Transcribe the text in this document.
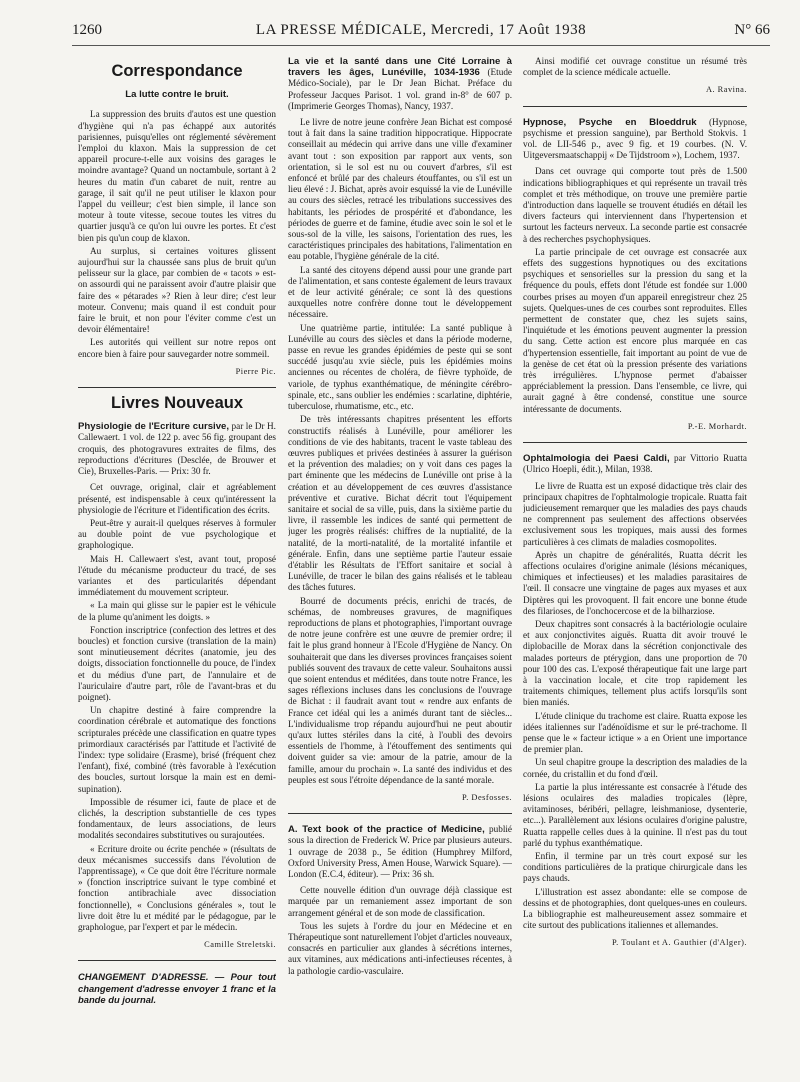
1260	LA PRESSE MÉDICALE, Mercredi, 17 Août 1938	N° 66
Correspondance
La lutte contre le bruit.

La suppression des bruits d'autos est une question d'hygiène qui n'a pas échappé aux autorités parisiennes, puisqu'elles ont réglementé sévèrement l'emploi du klaxon. Mais la suppression de cet appareil procure-t-elle aux voisins des garages le moindre avantage? Quand un noctambule, sortant à 2 heures du matin d'un cabaret de nuit, rentre au garage, il sait qu'il ne peut utiliser le klaxon pour l'appel du veilleur; c'est bien simple, il lance son moteur à toute vitesse, secoue toutes les vitres du quartier jusqu'à ce qu'on lui ouvre les portes. Et c'est bien pis qu'un coup de klaxon.

Au surplus, si certaines voitures glissent aujourd'hui sur la chaussée sans plus de bruit qu'un pelisseur sur la glace, par combien de « tacots » est-on assourdi qui ne paraissent avoir d'autre plaisir que faire des « pétarades »? Rien à leur dire; c'est leur moteur. Convenu; mais quand il est conduit pour faire le bruit, et non pour l'éviter comme c'est un devoir élémentaire!

Les autorités qui veillent sur notre repos ont encore bien à faire pour sauvegarder notre sommeil.

Pierre Pic.

Livres Nouveaux

Physiologie de l'Ecriture cursive, par le Dr H. Callewaert. 1 vol. de 122 p. avec 56 fig. groupant des croquis, des photogravures extraites de films, des reproductions d'écritures (Desclée, de Brouwer et Cie), Bruxelles-Paris. — Prix: 30 fr.

Cet ouvrage, original, clair et agréablement présenté, est indispensable à ceux qu'intéressent la physiologie de l'écriture et l'identification des écrits.

Peut-être y aurait-il quelques réserves à formuler au double point de vue psychologique et graphologique.

Mais H. Callewaert s'est, avant tout, proposé l'étude du mécanisme producteur du tracé, de ses variantes et des particularités dépendant immédiatement du mouvement scripteur.

« La main qui glisse sur le papier est le véhicule de la plume qu'animent les doigts. »

Fonction inscriptrice (confection des lettres et des boucles) et fonction cursive (translation de la main) sont minutieusement décrites (anatomie, jeu des doigts, dissociation fonctionnelle du pouce, de l'index et du médius d'une part, de l'annulaire et de l'auriculaire d'autre part, rôle de l'avant-bras et du poignet).

Un chapitre destiné à faire comprendre la coordination cérébrale et automatique des fonctions scripturales précède une classification en quatre types primordiaux caractérisés par l'attitude et l'activité de l'index: type solidaire (Erasme), brisé (fréquent chez l'enfant), fixé, combiné (très favorable à l'exécution des boucles, surtout lorsque la main est en demi-supination).

Impossible de résumer ici, faute de place et de clichés, la description substantielle de ces types fondamentaux, de leurs associations, de leurs modalités secondaires substitutives ou surajoutées.

« Ecriture droite ou écrite penchée » (résultats de deux mécanismes successifs dans l'évolution de l'apprentissage), « Ce que doit être l'écriture normale » (fonction inscriptrice suivant le type combiné et fonction antibrachiale avec dissociation fonctionnelle), « Conclusions générales », tout le livre doit être lu et médité par le pédagogue, par le graphologue, par l'expert et par le médecin.

Camille Streletski.

CHANGEMENT D'ADRESSE. — Pour tout changement d'adresse envoyer 1 franc et la bande du journal.

La vie et la santé dans une Cité Lorraine à travers les âges, Lunéville, 1034-1936 (Etude Médico-Sociale), par le Dr Jean Bichat. Préface du Professeur Jacques Parisot. 1 vol. grand in-8° de 607 p. (Imprimerie Georges Thomas), Nancy, 1937.

Le livre de notre jeune confrère Jean Bichat est composé tout à fait dans la saine tradition hippocratique. Hippocrate conseillait au médecin qui arrive dans une ville d'examiner avant tout : son exposition par rapport aux vents, son orientation, si le sol est nu ou couvert d'arbres, s'il est enfoncé et brûlé par des chaleurs étouffantes, ou s'il est un lieu élevé : J. Bichat, après avoir esquissé la vie de Lunéville au cours des siècles, retracé les tribulations successives des habitants, les périodes de prospérité et d'abondance, les périodes de guerre et de famine, étudie avec soin le sol et le sous-sol de la ville, les saisons, l'orientation des rues, les caractéristiques principales des habitations, l'alimentation en eau potable, l'hygiène générale de la cité.

La santé des citoyens dépend aussi pour une grande part de l'alimentation, et sans conteste également de leurs travaux et de leur activité générale; ce sont là des questions auxquelles notre confrère donne tout le développement nécessaire.

Une quatrième partie, intitulée: La santé publique à Lunéville au cours des siècles et dans la période moderne, passe en revue les grandes épidémies de peste qui se sont succédé jusqu'au xvie siècle, puis les épidémies moins anciennes ou récentes de choléra, de fièvre typhoïde, de variole, de typhus exanthématique, de méningite cérébro-spinale, etc., sans oublier les endémies : scarlatine, diphtérie, tuberculose, rhumatisme, etc., etc.

De très intéressants chapitres présentent les efforts constructifs réalisés à Lunéville, pour améliorer les conditions de vie des habitants, tracent le vaste tableau des œuvres publiques et privées destinées à assurer la guérison et la prévention des maladies; on y voit dans ces pages la part éminente que les médecins de Lunéville ont prise à la création et au développement de ces œuvres d'assistance préventive et curative. Bichat décrit tout l'équipement sanitaire et social de sa ville, puis, dans la sixième partie du livre, il rassemble les indices de santé qui permettent de juger les progrès réalisés: chiffres de la nuptialité, de la natalité, de la morti-natalité, de la mortalité infantile et générale. Enfin, dans une septième partie l'auteur essaie d'établir les Résultats de l'Effort sanitaire et social à Lunéville, de tracer le bilan des gains réalisés et le tableau des tâches futures.

Bourré de documents précis, enrichi de tracés, de schémas, de nombreuses gravures, de magnifiques reproductions de plans et photographies, l'important ouvrage de notre jeune confrère est une œuvre de premier ordre; il fait le plus grand honneur à l'Ecole d'Hygiène de Nancy. On souhaiterait que dans les diverses provinces françaises soient publiés souvent des travaux de cette valeur. Souhaitons aussi que soient entendus et méditées, dans toute notre France, les sages réflexions incluses dans les conclusions de l'ouvrage de Bichat : il faudrait avant tout « rendre aux enfants de France cet idéal qui les a animés durant tant de siècles... L'individualisme trop répandu aujourd'hui ne peut aboutir qu'aux luttes stériles dans la cité, à l'oubli des devoirs essentiels de l'homme, à l'étouffement des sentiments qui doivent guider sa vie: amour de la patrie, amour de la famille, amour du prochain ». La santé des individus et des peuples est sous l'étroite dépendance de la santé morale.

P. Desfosses.

A. Text book of the practice of Medicine, publié sous la direction de Frederick W. Price par plusieurs auteurs. 1 ouvrage de 2038 p., 5e édition (Humphrey Milford, Oxford University Press, Amen House, Warwick Square). — London (E.C.4, éditeur). — Prix: 36 sh.

Cette nouvelle édition d'un ouvrage déjà classique est marquée par un remaniement assez important de son arrangement général et de son mode de classification.

Tous les sujets à l'ordre du jour en Médecine et en Thérapeutique sont naturellement l'objet d'articles nouveaux, consacrés en particulier aux glandes à sécrétions internes, aux vitamines, aux médications anti-infectieuses récentes, à la pathologie cardio-vasculaire.

Ainsi modifié cet ouvrage constitue un résumé très complet de la science médicale actuelle.

A. Ravina.

Hypnose, Psyche en Bloeddruk (Hypnose, psychisme et pression sanguine), par Berthold Stokvis. 1 vol. de LII-546 p., avec 9 fig. et 19 courbes. (N. V. Uitgeversmaatschappij « De Tijdstroom »), Lochem, 1937.

Dans cet ouvrage qui comporte tout près de 1.500 indications bibliographiques et qui représente un travail très complet et très méthodique, on trouve une première partie d'introduction dans laquelle se trouvent étudiés en détail les divers facteurs qui interviennent dans l'hypertension et surtout les facteurs nerveux. La seconde partie est consacrée à des recherches psychophysiques.

La partie principale de cet ouvrage est consacrée aux effets des suggestions hypnotiques ou des excitations psychiques et sensorielles sur la pression du sang et la fréquence du pouls, effets dont l'étude est fondée sur 1.000 courbes prises au moyen d'un appareil enregistreur chez 25 sujets. Quelques-unes de ces courbes sont reproduites. Elles permettent de constater que, chez les sujets sains, l'inquiétude et les émotions peuvent augmenter la pression du sang. Cette action est encore plus marquée en cas d'hypertension essentielle, fait important au point de vue de la genèse de cet état où la pression présente des variations très irrégulières. L'hypnose permet d'abaisser appréciablement la pression. Dans l'ensemble, ce livre, qui aurait gagné à être condensé, constitue une source intéressante de documents.

P.-E. Morhardt.

Ophtalmologia dei Paesi Caldi, par Vittorio Ruatta (Ulrico Hoepli, édit.), Milan, 1938.

Le livre de Ruatta est un exposé didactique très clair des principaux chapitres de l'ophtalmologie tropicale. Ruatta fait judicieusement remarquer que les maladies des pays chauds ne comprennent pas seulement des affections observées exclusivement sous les tropiques, mais aussi des formes particulières à ces climats de maladies cosmopolites.

Après un chapitre de généralités, Ruatta décrit les affections oculaires d'origine animale (lésions mécaniques, chimiques et infectieuses) et les maladies parasitaires de l'œil. Il consacre une vingtaine de pages aux myases et aux Diptères qui les provoquent. Il fait encore une bonne étude des filarioses, de l'onchocercose et de la bilharziose.

Deux chapitres sont consacrés à la bactériologie oculaire et aux conjonctivites aiguës. Ruatta dit avoir trouvé le diplobacille de Morax dans la sécrétion conjonctivale des malades porteurs de ptérygion, dans une proportion de 70 pour 100 des cas. L'exposé thérapeutique fait une large part à la vaccination locale, et cite trop rapidement les traitements chimiques, tellement plus actifs lorsqu'ils sont bien maniés.

L'étude clinique du trachome est claire. Ruatta expose les idées italiennes sur l'adénoïdisme et sur le pré-trachome. Il pense que le « facteur ictique » a en Orient une importance de premier plan.

Un seul chapitre groupe la description des maladies de la cornée, du cristallin et du fond d'œil.

La partie la plus intéressante est consacrée à l'étude des lésions oculaires des maladies tropicales (lèpre, avitaminoses, béribéri, pellagre, leishmaniose, dysenterie, etc...). Parallèlement aux lésions oculaires d'origine palustre, Ruatta rappelle celles dues à la quinine. Il n'est pas du tout parlé du typhus exanthématique.

Enfin, il termine par un très court exposé sur les conditions particulières de la pratique chirurgicale dans les pays chauds.

L'illustration est assez abondante: elle se compose de dessins et de photographies, dont quelques-unes en couleurs. La bibliographie est malheureusement assez sommaire et cite surtout des publications italiennes et allemandes.

P. Toulant et A. Gauthier (d'Alger).
